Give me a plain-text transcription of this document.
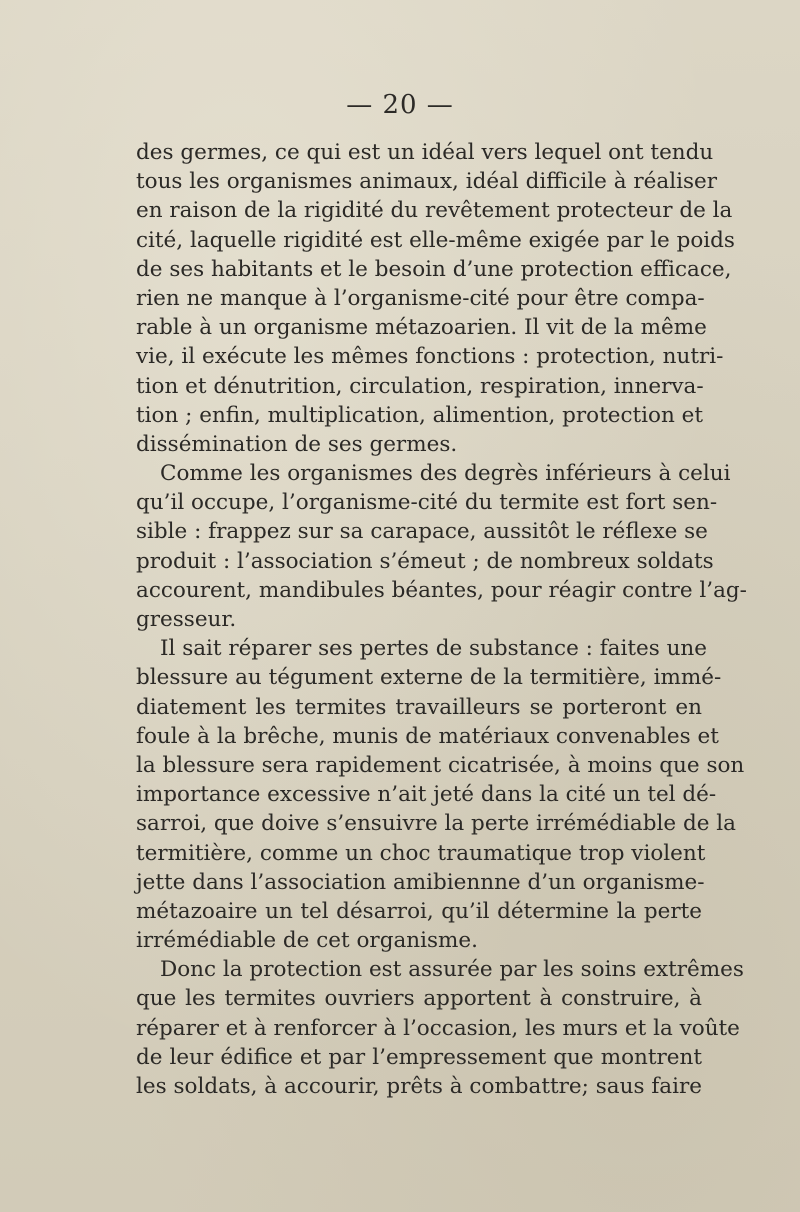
— 20 —
des germes, ce qui est un idéal vers lequel ont tendu
tous les organismes animaux, idéal difficile à réaliser
en raison de la rigidité du revêtement protecteur de la
cité, laquelle rigidité est elle-même exigée par le poids
de ses habitants et le besoin d’une protection efficace,
rien ne manque à l’organisme-cité pour être compa-
rable à un organisme métazoarien. Il vit de la même
vie, il exécute les mêmes fonctions : protection, nutri-
tion et dénutrition, circulation, respiration, innerva-
tion ; enfin, multiplication, alimention, protection et
dissémination de ses germes.
Comme les organismes des degrès inférieurs à celui
qu’il occupe, l’organisme-cité du termite est fort sen-
sible : frappez sur sa carapace, aussitôt le réflexe se
produit : l’association s’émeut ; de nombreux soldats
accourent, mandibules béantes, pour réagir contre l’ag-
gresseur.
Il sait réparer ses pertes de substance : faites une
blessure au tégument externe de la termitière, immé-
diatement les termites travailleurs se porteront en
foule à la brêche, munis de matériaux convenables et
la blessure sera rapidement cicatrisée, à moins que son
importance excessive n’ait jeté dans la cité un tel dé-
sarroi, que doive s’ensuivre la perte irrémédiable de la
termitière, comme un choc traumatique trop violent
jette dans l’association amibiennne d’un organisme-
métazoaire un tel désarroi, qu’il détermine la perte
irrémédiable de cet organisme.
Donc la protection est assurée par les soins extrêmes
que les termites ouvriers apportent à construire, à
réparer et à renforcer à l’occasion, les murs et la voûte
de leur édifice et par l’empressement que montrent
les soldats, à accourir, prêts à combattre; saus faire
